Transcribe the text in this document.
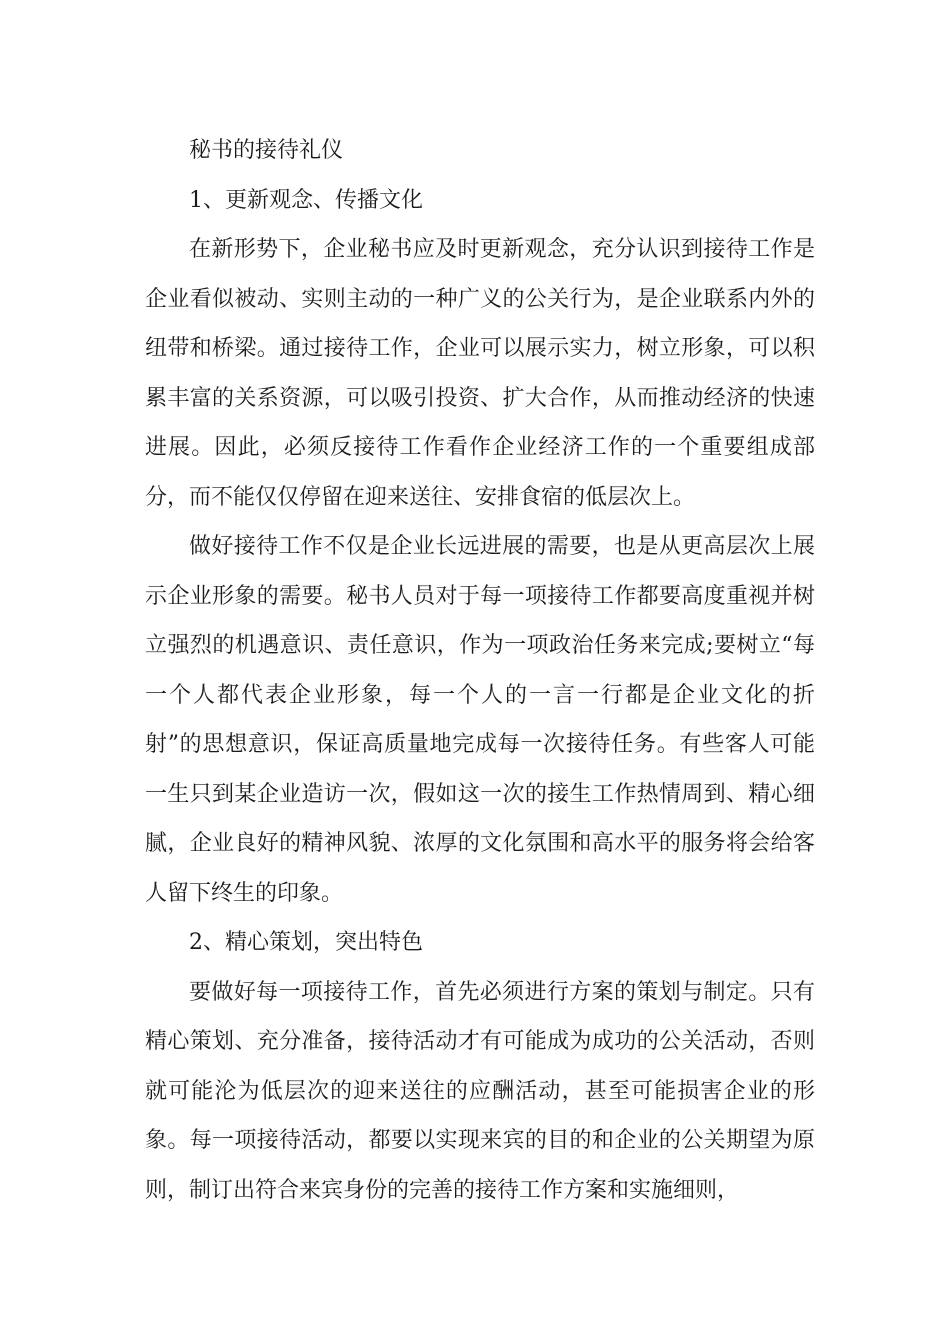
秘书的接待礼仪

1、更新观念、传播文化

在新形势下，企业秘书应及时更新观念，充分认识到接待工作是企业看似被动、实则主动的一种广义的公关行为，是企业联系内外的纽带和桥梁。通过接待工作，企业可以展示实力，树立形象，可以积累丰富的关系资源，可以吸引投资、扩大合作，从而推动经济的快速进展。因此，必须反接待工作看作企业经济工作的一个重要组成部分，而不能仅仅停留在迎来送往、安排食宿的低层次上。

做好接待工作不仅是企业长远进展的需要，也是从更高层次上展示企业形象的需要。秘书人员对于每一项接待工作都要高度重视并树立强烈的机遇意识、责任意识，作为一项政治任务来完成;要树立“每一个人都代表企业形象，每一个人的一言一行都是企业文化的折射”的思想意识，保证高质量地完成每一次接待任务。有些客人可能一生只到某企业造访一次，假如这一次的接生工作热情周到、精心细腻，企业良好的精神风貌、浓厚的文化氛围和高水平的服务将会给客人留下终生的印象。

2、精心策划，突出特色

要做好每一项接待工作，首先必须进行方案的策划与制定。只有精心策划、充分准备，接待活动才有可能成为成功的公关活动，否则就可能沦为低层次的迎来送往的应酬活动，甚至可能损害企业的形象。每一项接待活动，都要以实现来宾的目的和企业的公关期望为原则，制订出符合来宾身份的完善的接待工作方案和实施细则，
